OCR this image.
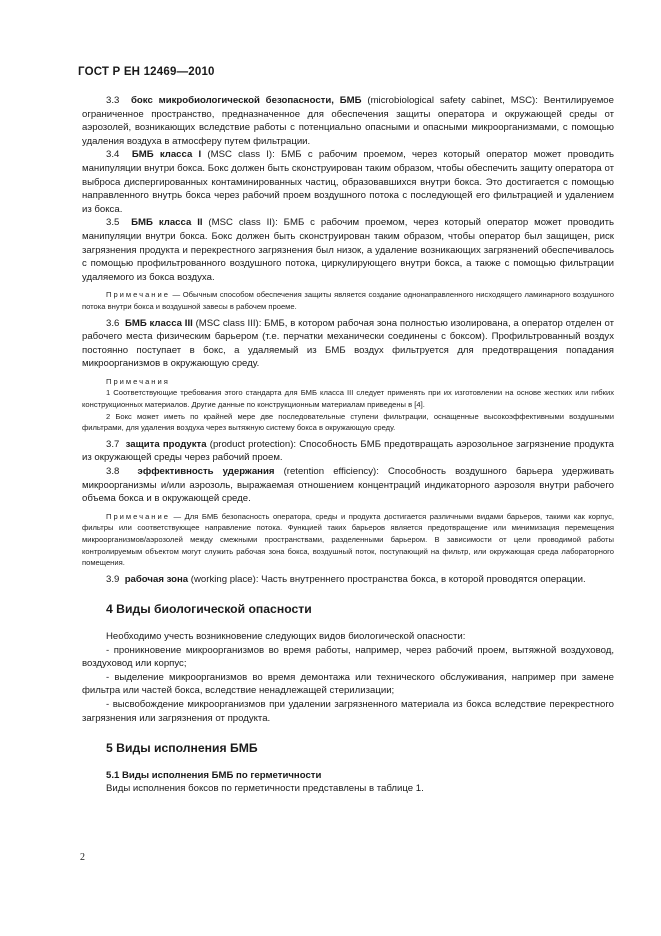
ГОСТ Р ЕН 12469—2010

3.3 бокс микробиологической безопасности, БМБ (microbiological safety cabinet, MSC): Вентилируемое ограниченное пространство, предназначенное для обеспечения защиты оператора и окружающей среды от аэрозолей, возникающих вследствие работы с потенциально опасными и опасными микроорганизмами, с помощью удаления воздуха в атмосферу путем фильтрации.

3.4 БМБ класса I (MSC class I): БМБ с рабочим проемом, через который оператор может проводить манипуляции внутри бокса. Бокс должен быть сконструирован таким образом, чтобы обеспечить защиту оператора от выброса диспергированных контаминированных частиц, образовавшихся внутри бокса. Это достигается с помощью направленного внутрь бокса через рабочий проем воздушного потока с последующей его фильтрацией и удалением из бокса.

3.5 БМБ класса II (MSC class II): БМБ с рабочим проемом, через который оператор может проводить манипуляции внутри бокса. Бокс должен быть сконструирован таким образом, чтобы оператор был защищен, риск загрязнения продукта и перекрестного загрязнения был низок, а удаление возникающих загрязнений обеспечивалось с помощью профильтрованного воздушного потока, циркулирующего внутри бокса, а также с помощью фильтрации удаляемого из бокса воздуха.

Примечание — Обычным способом обеспечения защиты является создание однонаправленного нисходящего ламинарного воздушного потока внутри бокса и воздушной завесы в рабочем проеме.

3.6 БМБ класса III (MSC class III): БМБ, в котором рабочая зона полностью изолирована, а оператор отделен от рабочего места физическим барьером (т.е. перчатки механически соединены с боксом). Профильтрованный воздух постоянно поступает в бокс, а удаляемый из БМБ воздух фильтруется для предотвращения попадания микроорганизмов в окружающую среду.

Примечания

1 Соответствующие требования этого стандарта для БМБ класса III следует применять при их изготовлении на основе жестких или гибких конструкционных материалов. Другие данные по конструкционным материалам приведены в [4].

2 Бокс может иметь по крайней мере две последовательные ступени фильтрации, оснащенные высокоэффективными воздушными фильтрами, для удаления воздуха через вытяжную систему бокса в окружающую среду.

3.7 защита продукта (product protection): Способность БМБ предотвращать аэрозольное загрязнение продукта из окружающей среды через рабочий проем.

3.8 эффективность удержания (retention efficiency): Способность воздушного барьера удерживать микроорганизмы и/или аэрозоль, выражаемая отношением концентраций индикаторного аэрозоля внутри рабочего объема бокса и в окружающей среде.

Примечание — Для БМБ безопасность оператора, среды и продукта достигается различными видами барьеров, такими как корпус, фильтры или соответствующее направление потока. Функцией таких барьеров является предотвращение или минимизация перемещения микроорганизмов/аэрозолей между смежными пространствами, разделенными барьером. В зависимости от цели проводимой работы контролируемым объектом могут служить рабочая зона бокса, воздушный поток, поступающий на фильтр, или окружающая среда лабораторного помещения.

3.9 рабочая зона (working place): Часть внутреннего пространства бокса, в которой проводятся операции.

4 Виды биологической опасности

Необходимо учесть возникновение следующих видов биологической опасности:

- проникновение микроорганизмов во время работы, например, через рабочий проем, вытяжной воздуховод, воздуховод или корпус;

- выделение микроорганизмов во время демонтажа или технического обслуживания, например при замене фильтра или частей бокса, вследствие ненадлежащей стерилизации;

- высвобождение микроорганизмов при удалении загрязненного материала из бокса вследствие перекрестного загрязнения или загрязнения от продукта.

5 Виды исполнения БМБ

5.1 Виды исполнения БМБ по герметичности

Виды исполнения боксов по герметичности представлены в таблице 1.

2
